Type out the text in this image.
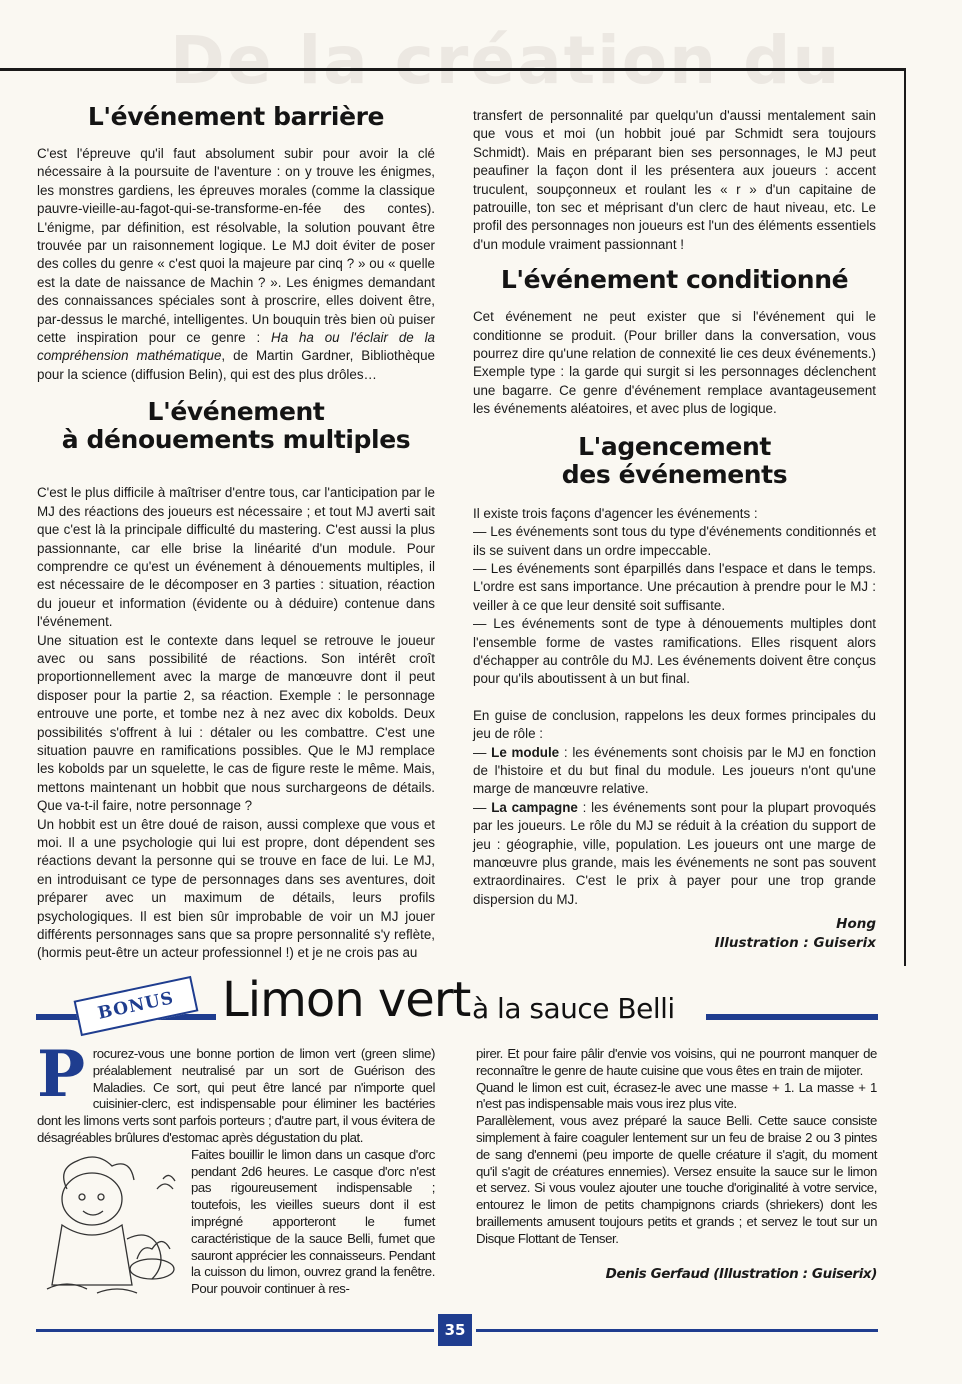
De la création du
L'événement barrière

C'est l'épreuve qu'il faut absolument subir pour avoir la clé nécessaire à la poursuite de l'aventure : on y trouve les énigmes, les monstres gardiens, les épreuves morales (comme la classique pauvre-vieille-au-fagot-qui-se-transforme-en-fée des contes). L'énigme, par définition, est résolvable, la solution pouvant être trouvée par un raisonnement logique. Le MJ doit éviter de poser des colles du genre « c'est quoi la majeure par cinq ? » ou « quelle est la date de naissance de Machin ? ». Les énigmes demandant des connaissances spéciales sont à proscrire, elles doivent être, par-dessus le marché, intelligentes. Un bouquin très bien où puiser cette inspiration pour ce genre : Ha ha ou l'éclair de la compréhension mathématique, de Martin Gardner, Bibliothèque pour la science (diffusion Belin), qui est des plus drôles…

L'événement
à dénouements multiples

C'est le plus difficile à maîtriser d'entre tous, car l'anticipation par le MJ des réactions des joueurs est nécessaire ; et tout MJ averti sait que c'est là la principale difficulté du mastering. C'est aussi la plus passionnante, car elle brise la linéarité d'un module. Pour comprendre ce qu'est un événement à dénouements multiples, il est nécessaire de le décomposer en 3 parties : situation, réaction du joueur et information (évidente ou à déduire) contenue dans l'événement.

Une situation est le contexte dans lequel se retrouve le joueur avec ou sans possibilité de réactions. Son intérêt croît proportionnellement avec la marge de manœuvre dont il peut disposer pour la partie 2, sa réaction. Exemple : le personnage entrouve une porte, et tombe nez à nez avec dix kobolds. Deux possibilités s'offrent à lui : détaler ou les combattre. C'est une situation pauvre en ramifications possibles. Que le MJ remplace les kobolds par un squelette, le cas de figure reste le même. Mais, mettons maintenant un hobbit que nous surchargeons de détails. Que va-t-il faire, notre personnage ?

Un hobbit est un être doué de raison, aussi complexe que vous et moi. Il a une psychologie qui lui est propre, dont dépendent ses réactions devant la personne qui se trouve en face de lui. Le MJ, en introduisant ce type de personnages dans ses aventures, doit préparer avec un maximum de détails, leurs profils psychologiques. Il est bien sûr improbable de voir un MJ jouer différents personnages sans que sa propre personnalité s'y reflète, (hormis peut-être un acteur professionnel !) et je ne crois pas au

transfert de personnalité par quelqu'un d'aussi mentalement sain que vous et moi (un hobbit joué par Schmidt sera toujours Schmidt). Mais en préparant bien ses personnages, le MJ peut peaufiner la façon dont il les présentera aux joueurs : accent truculent, soupçonneux et roulant les « r » d'un capitaine de patrouille, ton sec et méprisant d'un clerc de haut niveau, etc. Le profil des personnages non joueurs est l'un des éléments essentiels d'un module vraiment passionnant !

L'événement conditionné

Cet événement ne peut exister que si l'événement qui le conditionne se produit. (Pour briller dans la conversation, vous pourrez dire qu'une relation de connexité lie ces deux événements.) Exemple type : la garde qui surgit si les personnages déclenchent une bagarre. Ce genre d'événement remplace avantageusement les événements aléatoires, et avec plus de logique.

L'agencement
des événements

Il existe trois façons d'agencer les événements :

— Les événements sont tous du type d'événements conditionnés et ils se suivent dans un ordre impeccable.

— Les événements sont éparpillés dans l'espace et dans le temps. L'ordre est sans importance. Une précaution à prendre pour le MJ : veiller à ce que leur densité soit suffisante.

— Les événements sont de type à dénouements multiples dont l'ensemble forme de vastes ramifications. Elles risquent alors d'échapper au contrôle du MJ. Les événements doivent être conçus pour qu'ils aboutissent à un but final.

En guise de conclusion, rappelons les deux formes principales du jeu de rôle :

— Le module : les événements sont choisis par le MJ en fonction de l'histoire et du but final du module. Les joueurs n'ont qu'une marge de manœuvre relative.

— La campagne : les événements sont pour la plupart provoqués par les joueurs. Le rôle du MJ se réduit à la création du support de jeu : géographie, ville, population. Les joueurs ont une marge de manœuvre plus grande, mais les événements ne sont pas souvent extraordinaires. C'est le prix à payer pour une trop grande dispersion du MJ.

Hong
Illustration : Guiserix
BONUS Limon vert à la sauce Belli

Procurez-vous une bonne portion de limon vert (green slime) préalablement neutralisé par un sort de Guérison des Maladies. Ce sort, qui peut être lancé par n'importe quel cuisinier-clerc, est indispensable pour éliminer les bactéries dont les limons verts sont parfois porteurs ; d'autre part, il vous évitera de désagréables brûlures d'estomac après dégustation du plat.

Faites bouillir le limon dans un casque d'orc pendant 2d6 heures. Le casque d'orc n'est pas rigoureusement indispensable ; toutefois, les vieilles sueurs dont il est imprégné apporteront le fumet caractéristique de la sauce Belli, fumet que sauront apprécier les connaisseurs. Pendant la cuisson du limon, ouvrez grand la fenêtre. Pour pouvoir continuer à res-

pirer. Et pour faire pâlir d'envie vos voisins, qui ne pourront manquer de reconnaître le genre de haute cuisine que vous êtes en train de mijoter.

Quand le limon est cuit, écrasez-le avec une masse + 1. La masse + 1 n'est pas indispensable mais vous irez plus vite.

Parallèlement, vous avez préparé la sauce Belli. Cette sauce consiste simplement à faire coaguler lentement sur un feu de braise 2 ou 3 pintes de sang d'ennemi (peu importe de quelle créature il s'agit, du moment qu'il s'agit de créatures ennemies). Versez ensuite la sauce sur le limon et servez. Si vous voulez ajouter une touche d'originalité à votre service, entourez le limon de petits champignons criards (shriekers) dont les braillements amusent toujours petits et grands ; et servez le tout sur un Disque Flottant de Tenser.

Denis Gerfaud (Illustration : Guiserix)
35
